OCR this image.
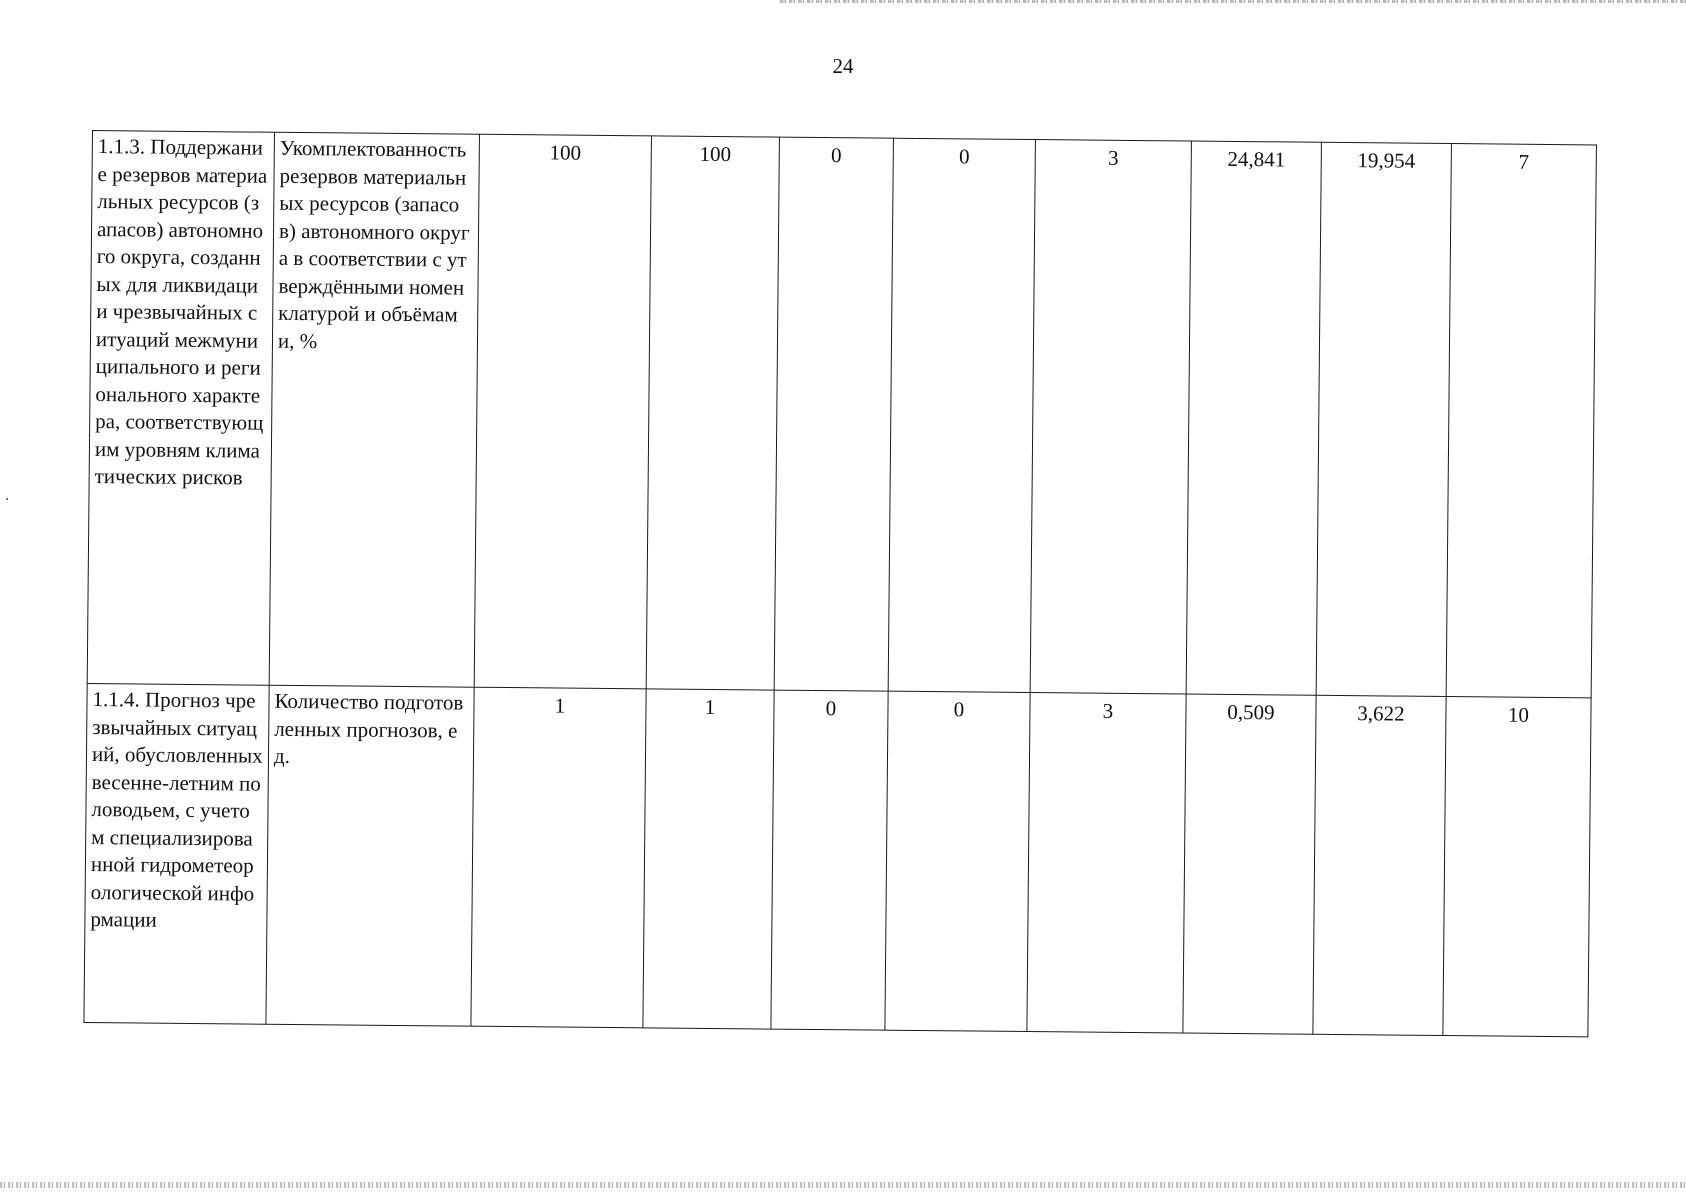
24
1.1.3. Поддержание резервов материальных ресурсов (запасов) автономного округа, созданных для ликвидации чрезвычайных ситуаций межмуниципального и регионального характера, соответствующим уровням климатических рисков	Укомплектованность резервов материальных ресурсов (запасов) автономного округа в соответствии с утверждёнными номенклатурой и объёмами, %	100	100	0	0	3	24,841	19,954	7
1.1.4. Прогноз чрезвычайных ситуаций, обусловленных весенне-летним половодьем, с учетом специализированной гидрометеорологической информации	Количество подготовленных прогнозов, ед.	1	1	0	0	3	0,509	3,622	10
